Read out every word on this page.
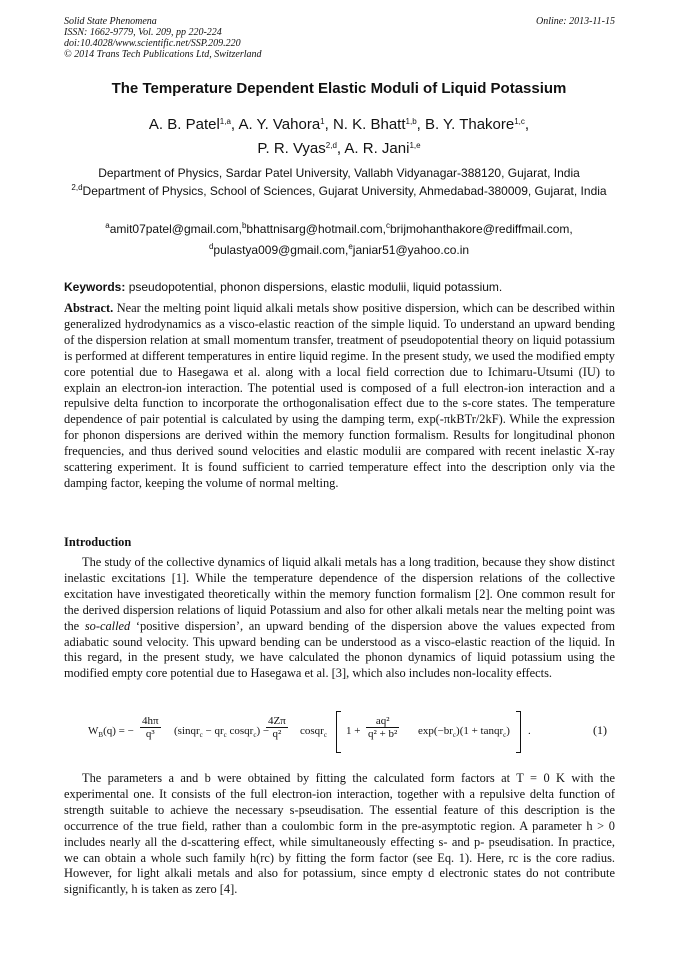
Solid State Phenomena
ISSN: 1662-9779, Vol. 209, pp 220-224
doi:10.4028/www.scientific.net/SSP.209.220
© 2014 Trans Tech Publications Ltd, Switzerland
Online: 2013-11-15
The Temperature Dependent Elastic Moduli of Liquid Potassium
A. B. Patel$^{1,a}$, A. Y. Vahora$^1$, N. K. Bhatt$^{1,b}$, B. Y. Thakore$^{1,c}$,
P. R. Vyas$^{2,d}$, A. R. Jani$^{1,e}$
Department of Physics, Sardar Patel University, Vallabh Vidyanagar-388120, Gujarat, India
$^{2,d}$Department of Physics, School of Sciences, Gujarat University, Ahmedabad-380009, Gujarat, India
$^a$amit07patel@gmail.com,$^b$bhattnisarg@hotmail.com,$^c$brijmohanthakore@rediffmail.com,
$^d$pulastya009@gmail.com,$^e$janiar51@yahoo.co.in
Keywords: pseudopotential, phonon dispersions, elastic modulii, liquid potassium.
Abstract. Near the melting point liquid alkali metals show positive dispersion, which can be described within generalized hydrodynamics as a visco-elastic reaction of the simple liquid. To understand an upward bending of the dispersion relation at small momentum transfer, treatment of pseudopotential theory on liquid potassium is performed at different temperatures in entire liquid regime. In the present study, we used the modified empty core potential due to Hasegawa et al. along with a local field correction due to Ichimaru-Utsumi (IU) to explain an electron-ion interaction. The potential used is composed of a full electron-ion interaction and a repulsive delta function to incorporate the orthogonalisation effect due to the s-core states. The temperature dependence of pair potential is calculated by using the damping term, exp(-πkBTr/2kF). While the expression for phonon dispersions are derived within the memory function formalism. Results for longitudinal phonon frequencies, and thus derived sound velocities and elastic modulii are compared with recent inelastic X-ray scattering experiment. It is found sufficient to carried temperature effect into the description only via the damping factor, keeping the volume of normal melting.
Introduction
The study of the collective dynamics of liquid alkali metals has a long tradition, because they show distinct inelastic excitations [1]. While the temperature dependence of the dispersion relations of the collective excitation have investigated theoretically within the memory function formalism [2]. One common result for the derived dispersion relations of liquid Potassium and also for other alkali metals near the melting point was the so-called ‘positive dispersion’, an upward bending of the dispersion above the values expected from adiabatic sound velocity. This upward bending can be understood as a visco-elastic reaction of the liquid. In this regard, in the present study, we have calculated the phonon dynamics of liquid potassium using the modified empty core potential due to Hasegawa et al. [3], which also includes non-locality effects.
$W_B(q)$ = − $\frac{4h\pi}{\text{q³}}$ (sinqr$_c$ − $qr_c$ cosqr$_c$) −
$\frac{4Z\pi}{\text{q²}}$ cosqr$_c$ $1 + \frac{\text{aq²}}{\text{q² + b²}} \exp(-br_c)(1$ + tanqr$_c$) .	(1)
The parameters a and b were obtained by fitting the calculated form factors at T = 0 K with the experimental one. It consists of the full electron-ion interaction, together with a repulsive delta function of strength suitable to achieve the necessary s-pseudisation. The essential feature of this description is the occurrence of the true field, rather than a coulombic form in the pre-asymptotic region. A parameter h > 0 includes nearly all the d-scattering effect, while simultaneously effecting s- and p- pseudisation. In practice, we can obtain a whole such family h(rc) by fitting the form factor (see Eq. 1). Here, rc is the core radius. However, for light alkali metals and also for potassium, since empty d electronic states do not contribute significantly, h is taken as zero [4].
